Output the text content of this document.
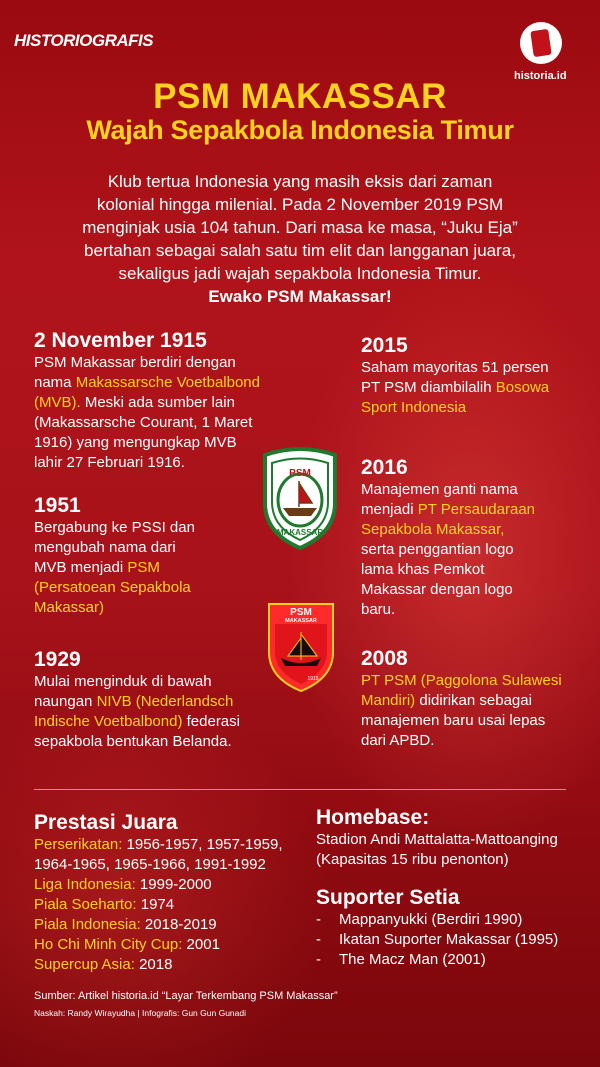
HISTORIOGRAFIS
historia.id
PSM MAKASSAR
Wajah Sepakbola Indonesia Timur
Klub tertua Indonesia yang masih eksis dari zaman
kolonial hingga milenial. Pada 2 November 2019 PSM
menginjak usia 104 tahun. Dari masa ke masa, “Juku Eja”
bertahan sebagai salah satu tim elit dan langganan juara,
sekaligus jadi wajah sepakbola Indonesia Timur.
Ewako PSM Makassar!
2 November 1915
PSM Makassar berdiri dengan
nama Makassarsche Voetbalbond
(MVB). Meski ada sumber lain
(Makassarsche Courant, 1 Maret
1916) yang mengungkap MVB
lahir 27 Februari 1916.
1951
Bergabung ke PSSI dan
mengubah nama dari
MVB menjadi PSM
(Persatoean Sepakbola
Makassar)
1929
Mulai menginduk di bawah
naungan NIVB (Nederlandsch
Indische Voetbalbond) federasi
sepakbola bentukan Belanda.
2015
Saham mayoritas 51 persen
PT PSM diambilalih Bosowa
Sport Indonesia
2016
Manajemen ganti nama
menjadi PT Persaudaraan
Sepakbola Makassar,
serta penggantian logo
lama khas Pemkot
Makassar dengan logo
baru.
2008
PT PSM (Paggolona Sulawesi
Mandiri) didirikan sebagai
manajemen baru usai lepas
dari APBD.
PSM
MAKASSAR
PSM
MAKASSAR
1915
Prestasi Juara
Perserikatan: 1956-1957, 1957-1959,
1964-1965, 1965-1966, 1991-1992
Liga Indonesia: 1999-2000
Piala Soeharto: 1974
Piala Indonesia: 2018-2019
Ho Chi Minh City Cup: 2001
Supercup Asia: 2018
Homebase:
Stadion Andi Mattalatta-Mattoanging
(Kapasitas 15 ribu penonton)
Suporter Setia
- Mappanyukki (Berdiri 1990)
- Ikatan Suporter Makassar (1995)
- The Macz Man (2001)
Sumber: Artikel historia.id “Layar Terkembang PSM Makassar”
Naskah: Randy Wirayudha | Infografis: Gun Gun Gunadi
